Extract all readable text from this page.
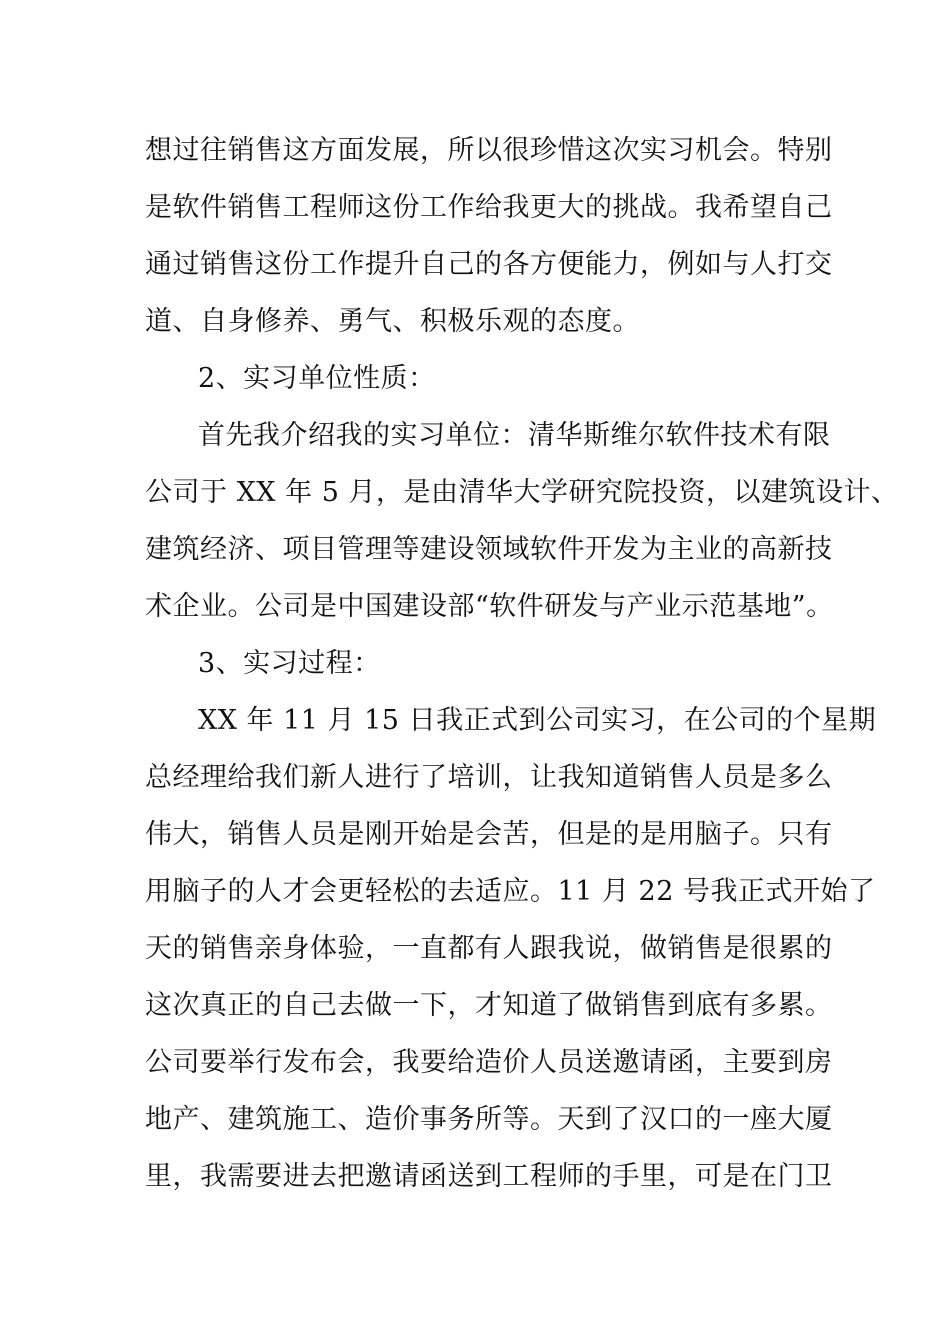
想过往销售这方面发展，所以很珍惜这次实习机会。特别
是软件销售工程师这份工作给我更大的挑战。我希望自己
通过销售这份工作提升自己的各方便能力，例如与人打交
道、自身修养、勇气、积极乐观的态度。
2、实习单位性质：
首先我介绍我的实习单位：清华斯维尔软件技术有限
公司于 XX 年 5 月，是由清华大学研究院投资，以建筑设计、
建筑经济、项目管理等建设领域软件开发为主业的高新技
术企业。公司是中国建设部“软件研发与产业示范基地”。
3、实习过程：
XX 年 11 月 15 日我正式到公司实习，在公司的个星期
总经理给我们新人进行了培训，让我知道销售人员是多么
伟大，销售人员是刚开始是会苦，但是的是用脑子。只有
用脑子的人才会更轻松的去适应。11 月 22 号我正式开始了
天的销售亲身体验，一直都有人跟我说，做销售是很累的
这次真正的自己去做一下，才知道了做销售到底有多累。
公司要举行发布会，我要给造价人员送邀请函，主要到房
地产、建筑施工、造价事务所等。天到了汉口的一座大厦
里，我需要进去把邀请函送到工程师的手里，可是在门卫
